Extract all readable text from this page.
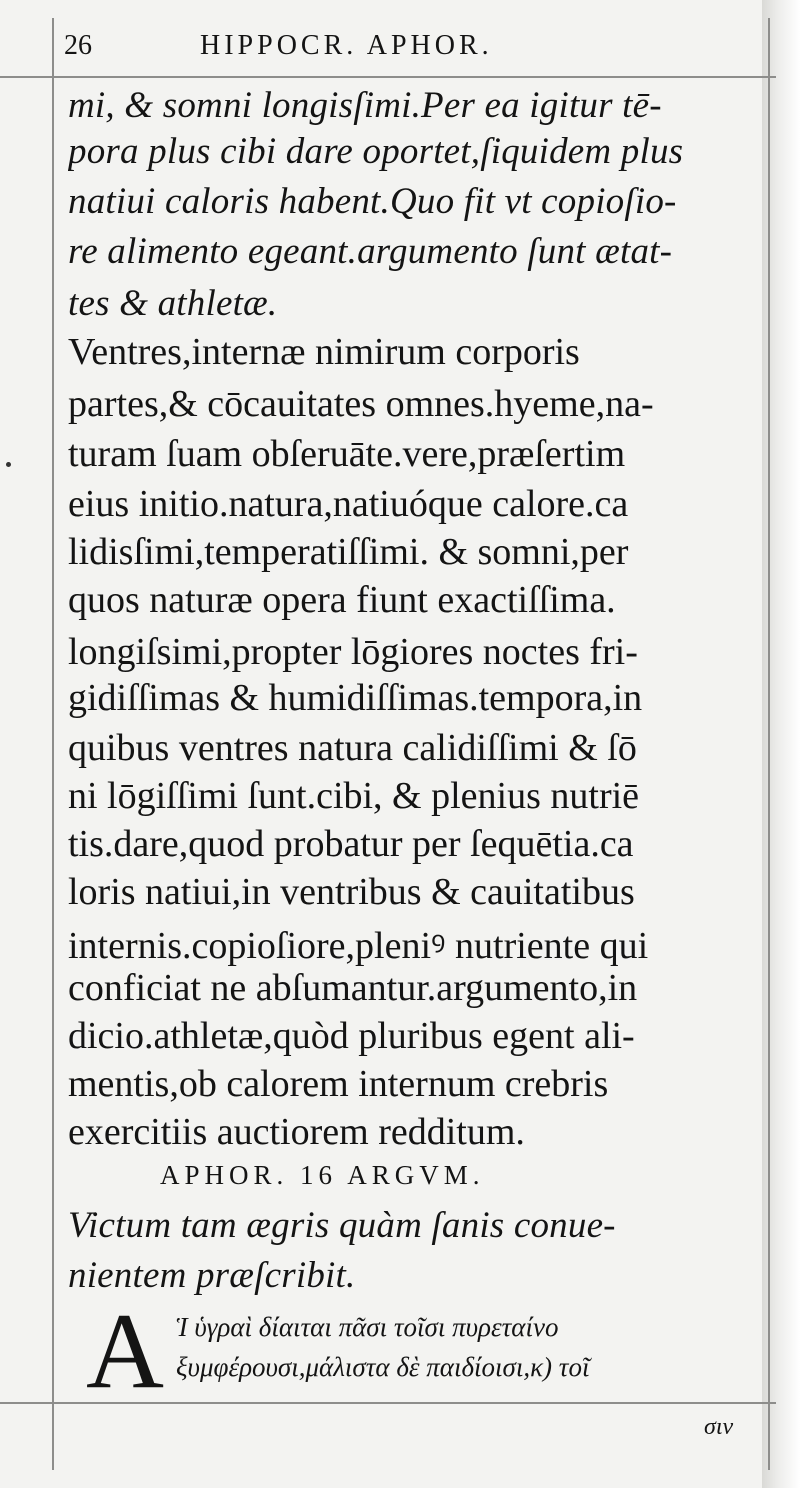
26	HIPPOCR. APHOR.
mi, & somni longisſimi.Per ea igitur tē-
pora plus cibi dare oportet,ſiquidem plus
natiui caloris habent.Quo fit vt copioſio-
re alimento egeant.argumento ſunt ætat-
tes & athletæ.
Ventres,internæ nimirum corporis
partes,& cōcauitates omnes.hyeme,na-
turam ſuam obſeruāte.vere,præſertim
eius initio.natura,natiuóque calore.ca
lidisſimi,temperatiſſimi. & somni,per
quos naturæ opera fiunt exactiſſima.
longiſsimi,propter lōgiores noctes fri-
gidiſſimas & humidiſſimas.tempora,in
quibus ventres natura calidiſſimi & ſō
ni lōgiſſimi ſunt.cibi, & plenius nutriē
tis.dare,quod probatur per ſequētia.ca
loris natiui,in ventribus & cauitatibus
internis.copioſiore,pleniꝰ nutriente qui
conficiat ne abſumantur.argumento,in
dicio.athletæ,quòd pluribus egent ali-
mentis,ob calorem internum crebris
exercitiis auctiorem redditum.
APHOR. 16 ARGVM.
Victum tam ægris quàm ſanis conue-
nientem præſcribit.
A Ἱ ὑγραὶ δίαιται πᾶσι τοῖσι πυρεταίνο
ξυμφέρουσι,μάλιστα δὲ παιδίοισι,κ) τοῖ
σιν
